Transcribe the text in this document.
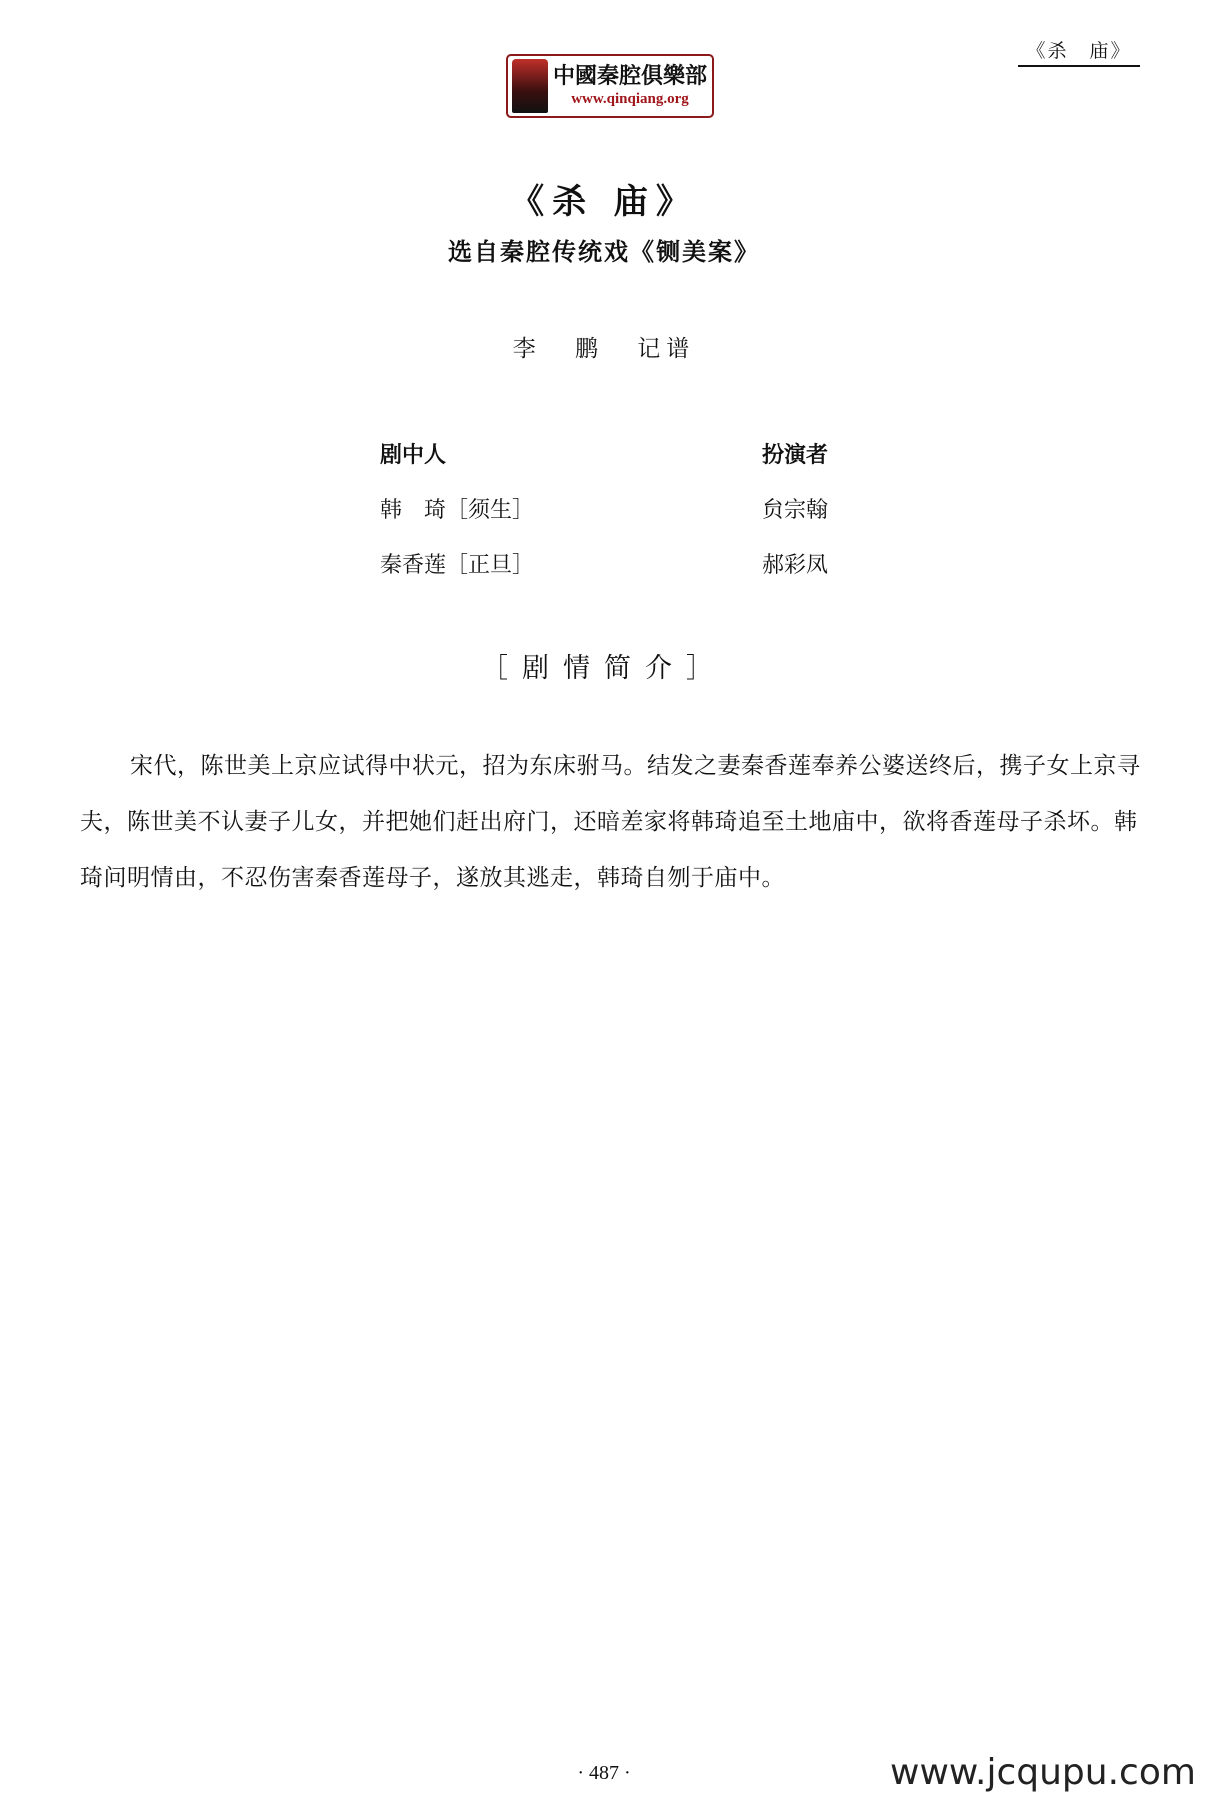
《杀　庙》
中國秦腔俱樂部
www.qinqiang.org
《杀 庙》
选自秦腔传统戏《铡美案》
李 鹏 记谱
剧中人	扮演者
韩　琦［须生］	贠宗翰
秦香莲［正旦］	郝彩凤
［剧情简介］
宋代，陈世美上京应试得中状元，招为东床驸马。结发之妻秦香莲奉养公婆送终后，携子女上京寻夫，陈世美不认妻子儿女，并把她们赶出府门，还暗差家将韩琦追至土地庙中，欲将香莲母子杀坏。韩琦问明情由，不忍伤害秦香莲母子，遂放其逃走，韩琦自刎于庙中。
· 487 ·	www.jcqupu.com
